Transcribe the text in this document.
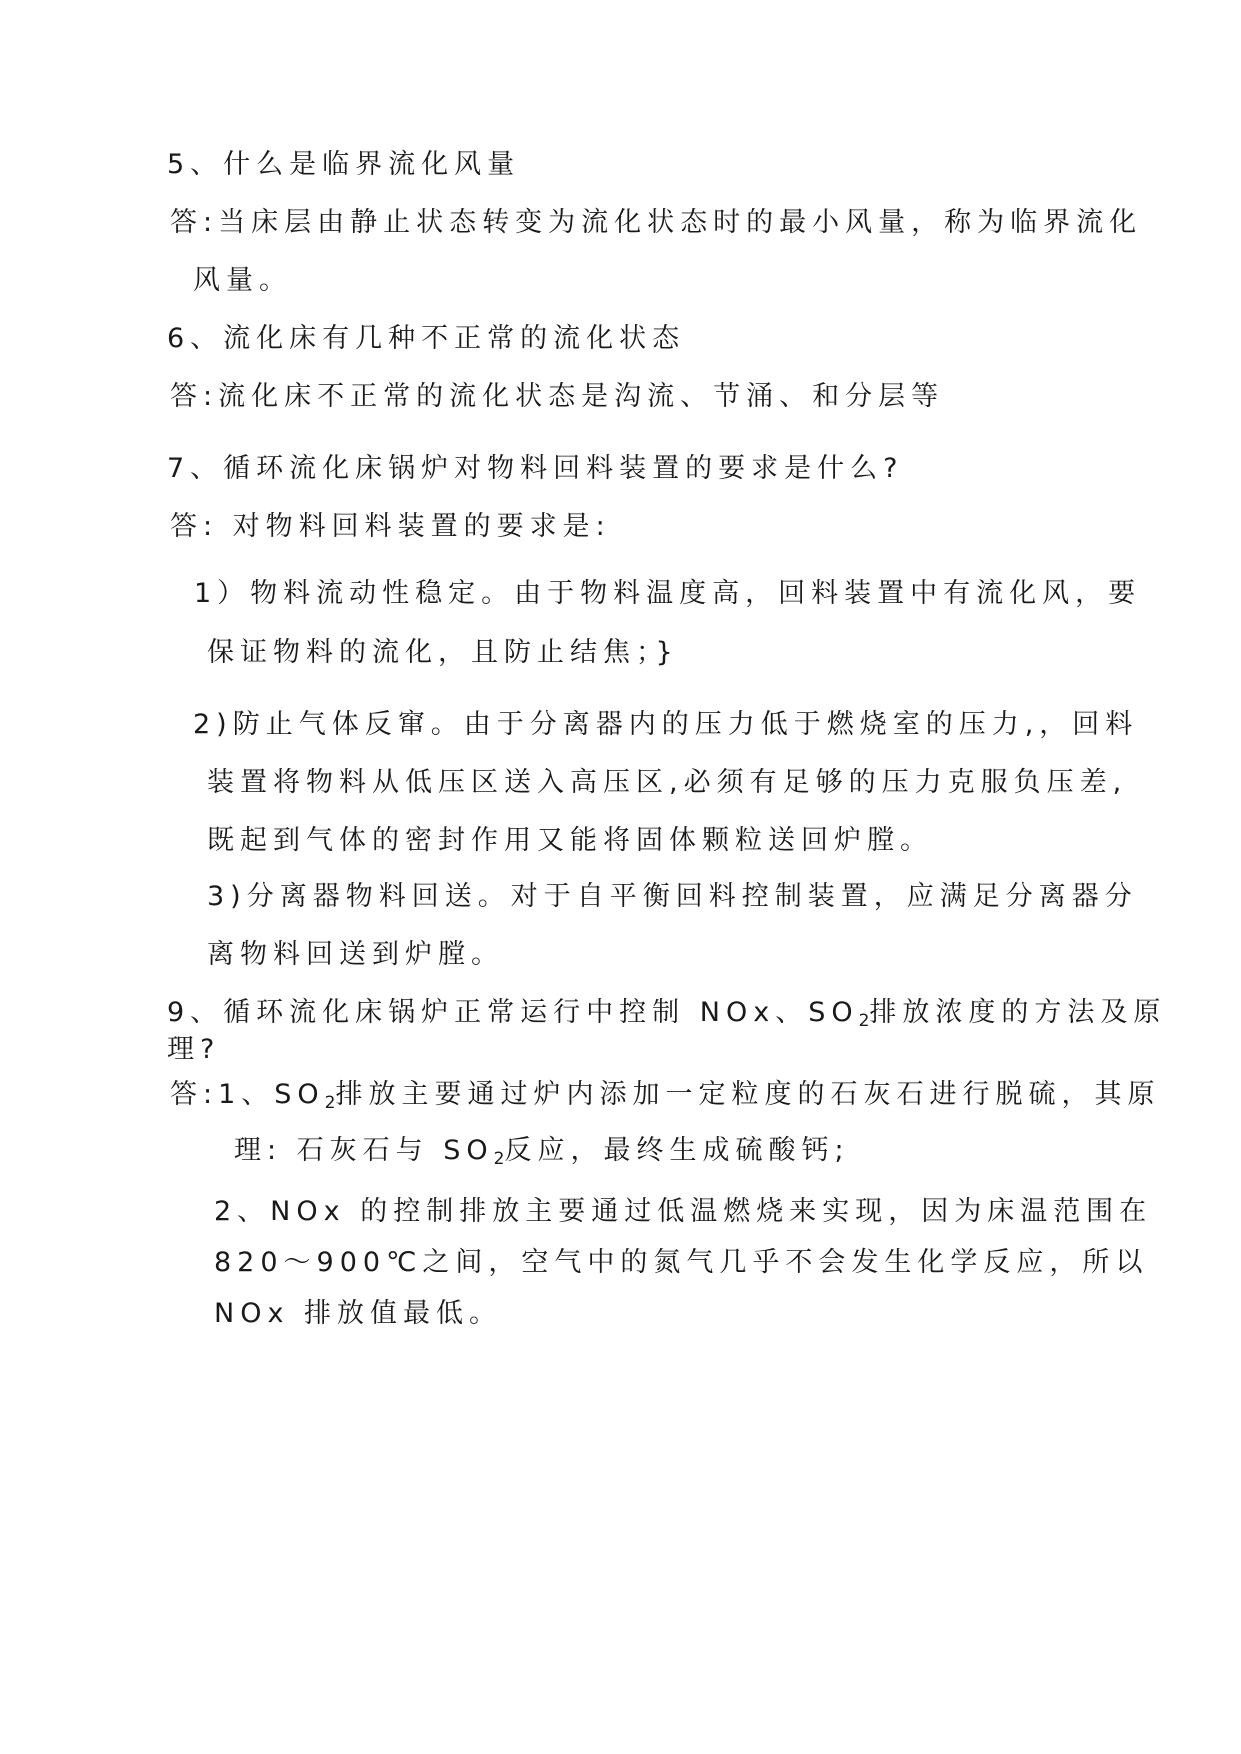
5、什么是临界流化风量
答:当床层由静止状态转变为流化状态时的最小风量，称为临界流化
风量。
6、流化床有几种不正常的流化状态
答:流化床不正常的流化状态是沟流、节涌、和分层等
7、循环流化床锅炉对物料回料装置的要求是什么?
答: 对物料回料装置的要求是:
1）物料流动性稳定。由于物料温度高，回料装置中有流化风，要
保证物料的流化，且防止结焦；}
2)防止气体反窜。由于分离器内的压力低于燃烧室的压力,，回料
装置将物料从低压区送入高压区,必须有足够的压力克服负压差,
既起到气体的密封作用又能将固体颗粒送回炉膛。
3)分离器物料回送。对于自平衡回料控制装置，应满足分离器分
离物料回送到炉膛。
9、循环流化床锅炉正常运行中控制 NOx、$SO_2$排放浓度的方法及原
理?
答:1、$SO_2$排放主要通过炉内添加一定粒度的石灰石进行脱硫，其原
理: 石灰石与 $SO_2$反应，最终生成硫酸钙;
2、NOx 的控制排放主要通过低温燃烧来实现，因为床温范围在
820～900℃之间，空气中的氮气几乎不会发生化学反应，所以
NOx 排放值最低。
